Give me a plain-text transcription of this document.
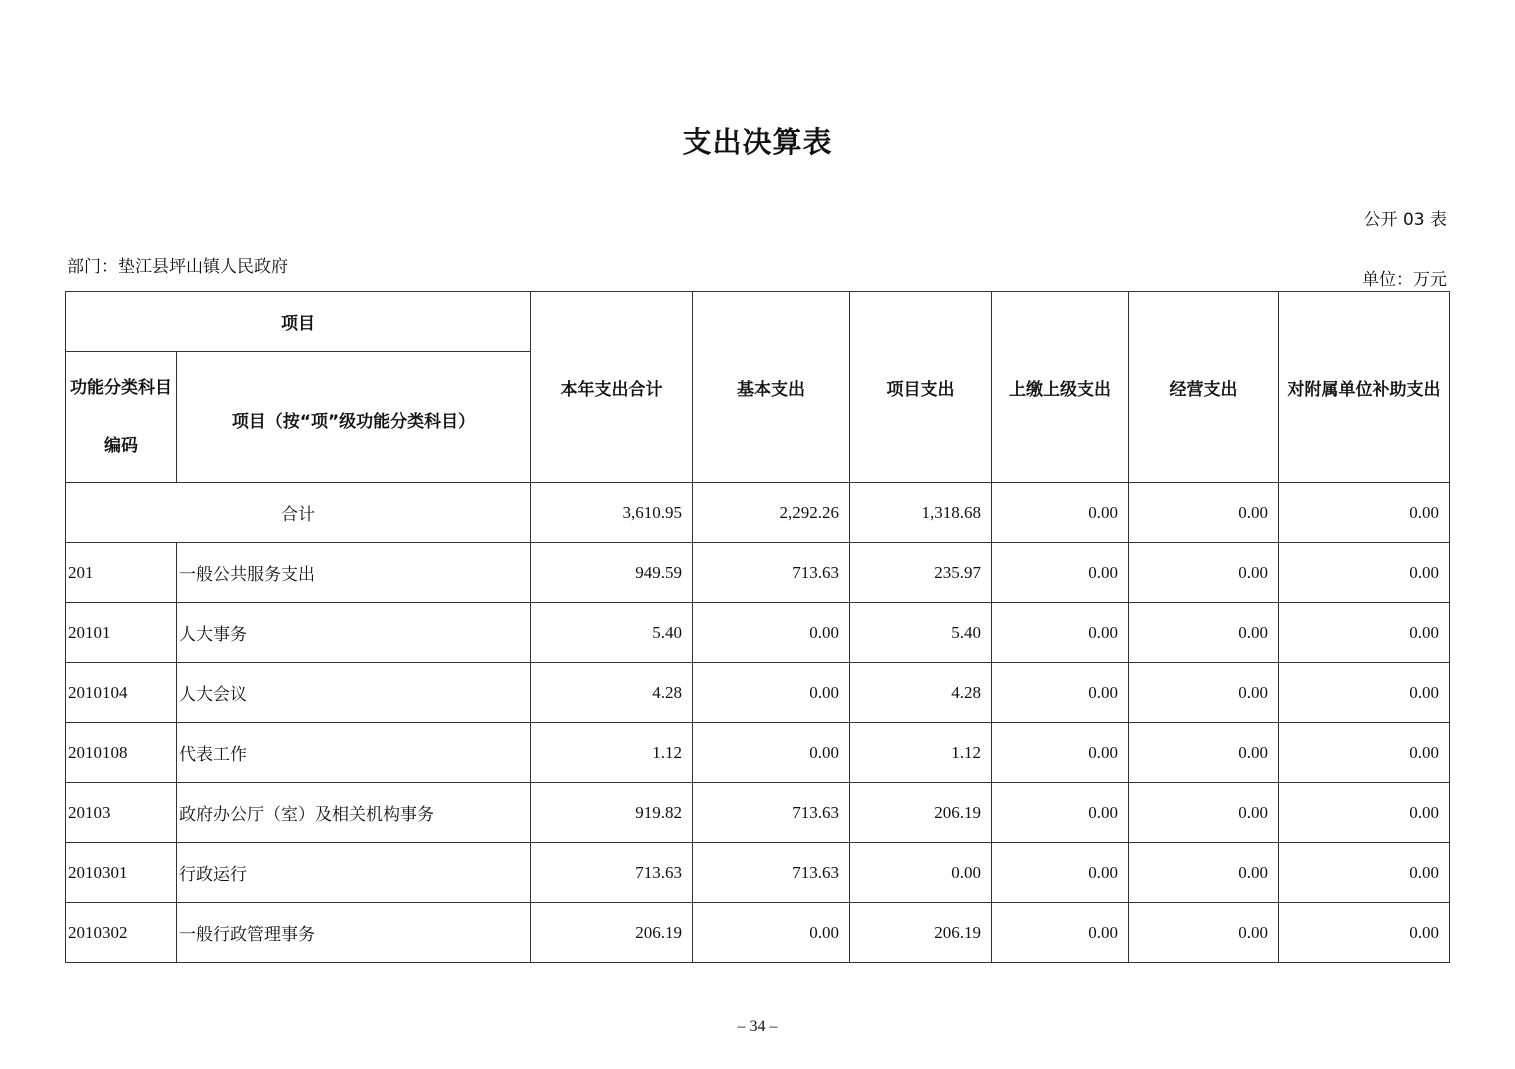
支出决算表
公开 03 表
部门：垫江县坪山镇人民政府
单位：万元
项目		本年支出合计	基本支出	项目支出	上缴上级支出	经营支出	对附属单位补助支出

功能分类科目
编码	项目（按“项”级功能分类科目）						
合计		3,610.95	2,292.26	1,318.68	0.00	0.00	0.00
201	一般公共服务支出	949.59	713.63	235.97	0.00	0.00	0.00
20101	人大事务	5.40	0.00	5.40	0.00	0.00	0.00
2010104	人大会议	4.28	0.00	4.28	0.00	0.00	0.00
2010108	代表工作	1.12	0.00	1.12	0.00	0.00	0.00
20103	政府办公厅（室）及相关机构事务	919.82	713.63	206.19	0.00	0.00	0.00
2010301	行政运行	713.63	713.63	0.00	0.00	0.00	0.00
2010302	一般行政管理事务	206.19	0.00	206.19	0.00	0.00	0.00
– 34 –
